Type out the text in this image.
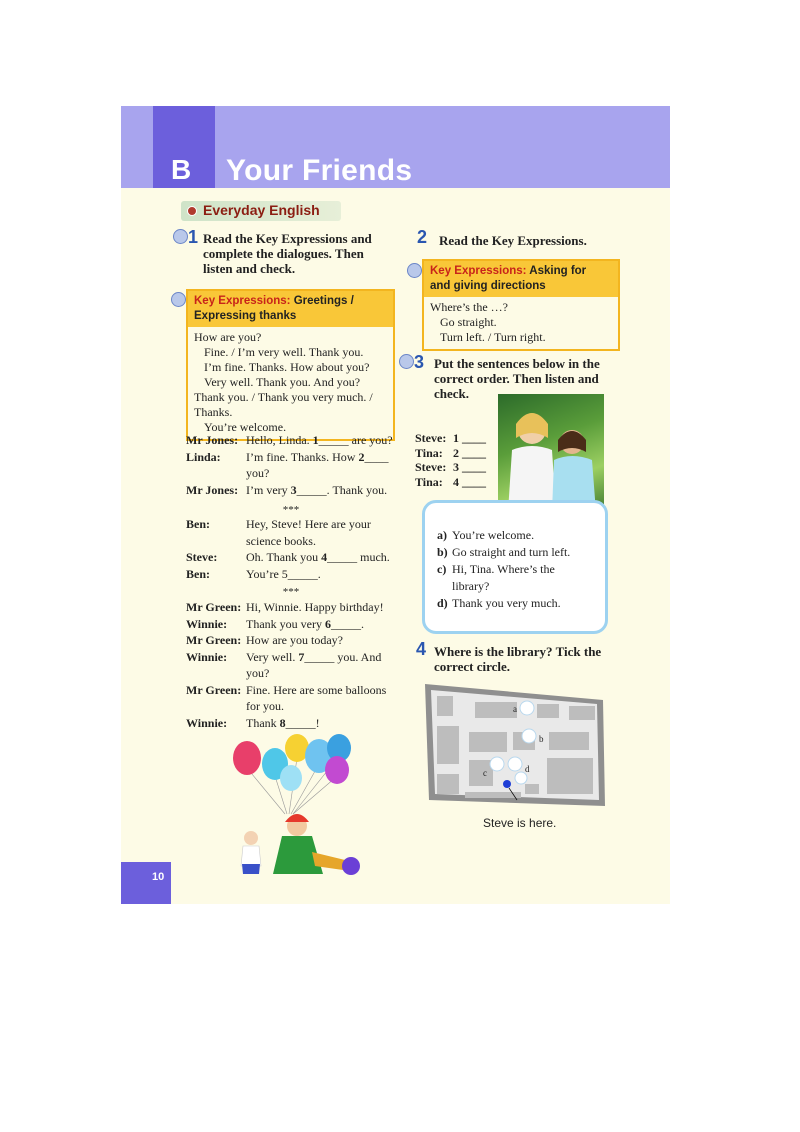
B Your Friends
Everyday English
1 Read the Key Expressions and
complete the dialogues. Then
listen and check.
Key Expressions: Greetings /
Expressing thanks
How are you?
Fine. / I’m very well. Thank you.
I’m fine. Thanks. How about you?
Very well. Thank you. And you?
Thank you. / Thank you very much. /
Thanks.
You’re welcome.
Mr Jones: Hello, Linda. 1_____ are you?
Linda:	I’m fine. Thanks. How 2____
you?
Mr Jones: I’m very 3_____. Thank you.
***
Ben:	Hey, Steve! Here are your
science books.
Steve:	Oh. Thank you 4_____ much.
Ben:	You’re 5_____.
***
Mr Green: Hi, Winnie. Happy birthday!
Winnie:	Thank you very 6_____.
Mr Green: How are you today?
Winnie:	Very well. 7_____ you. And
you?
Mr Green: Fine. Here are some balloons
for you.
Winnie:	Thank 8_____!
2 Read the Key Expressions.
Key Expressions: Asking for
and giving directions
Where’s the …?
Go straight.
Turn left. / Turn right.
3 Put the sentences below in the
correct order. Then listen and
check.
Steve: 1 ____
Tina: 2 ____
Steve: 3 ____
Tina: 4 ____
a) You’re welcome.
b) Go straight and turn left.
c) Hi, Tina. Where’s the
library?
d) Thank you very much.
4 Where is the library? Tick the
correct circle.
a
b
c	d
Steve is here.
10
